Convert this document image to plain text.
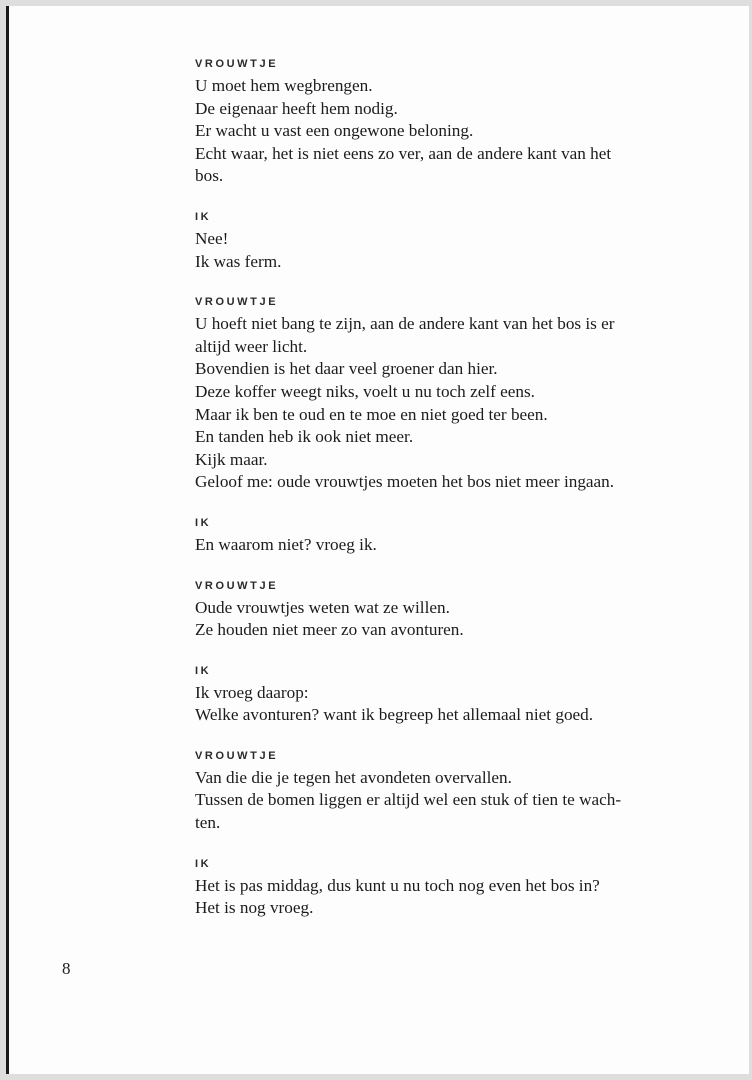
VROUWTJE
U moet hem wegbrengen.
De eigenaar heeft hem nodig.
Er wacht u vast een ongewone beloning.
Echt waar, het is niet eens zo ver, aan de andere kant van het
bos.
IK
Nee!
Ik was ferm.
VROUWTJE
U hoeft niet bang te zijn, aan de andere kant van het bos is er
altijd weer licht.
Bovendien is het daar veel groener dan hier.
Deze koffer weegt niks, voelt u nu toch zelf eens.
Maar ik ben te oud en te moe en niet goed ter been.
En tanden heb ik ook niet meer.
Kijk maar.
Geloof me: oude vrouwtjes moeten het bos niet meer ingaan.
IK
En waarom niet? vroeg ik.
VROUWTJE
Oude vrouwtjes weten wat ze willen.
Ze houden niet meer zo van avonturen.
IK
Ik vroeg daarop:
Welke avonturen? want ik begreep het allemaal niet goed.
VROUWTJE
Van die die je tegen het avondeten overvallen.
Tussen de bomen liggen er altijd wel een stuk of tien te wach-
ten.
IK
Het is pas middag, dus kunt u nu toch nog even het bos in?
Het is nog vroeg.
8
